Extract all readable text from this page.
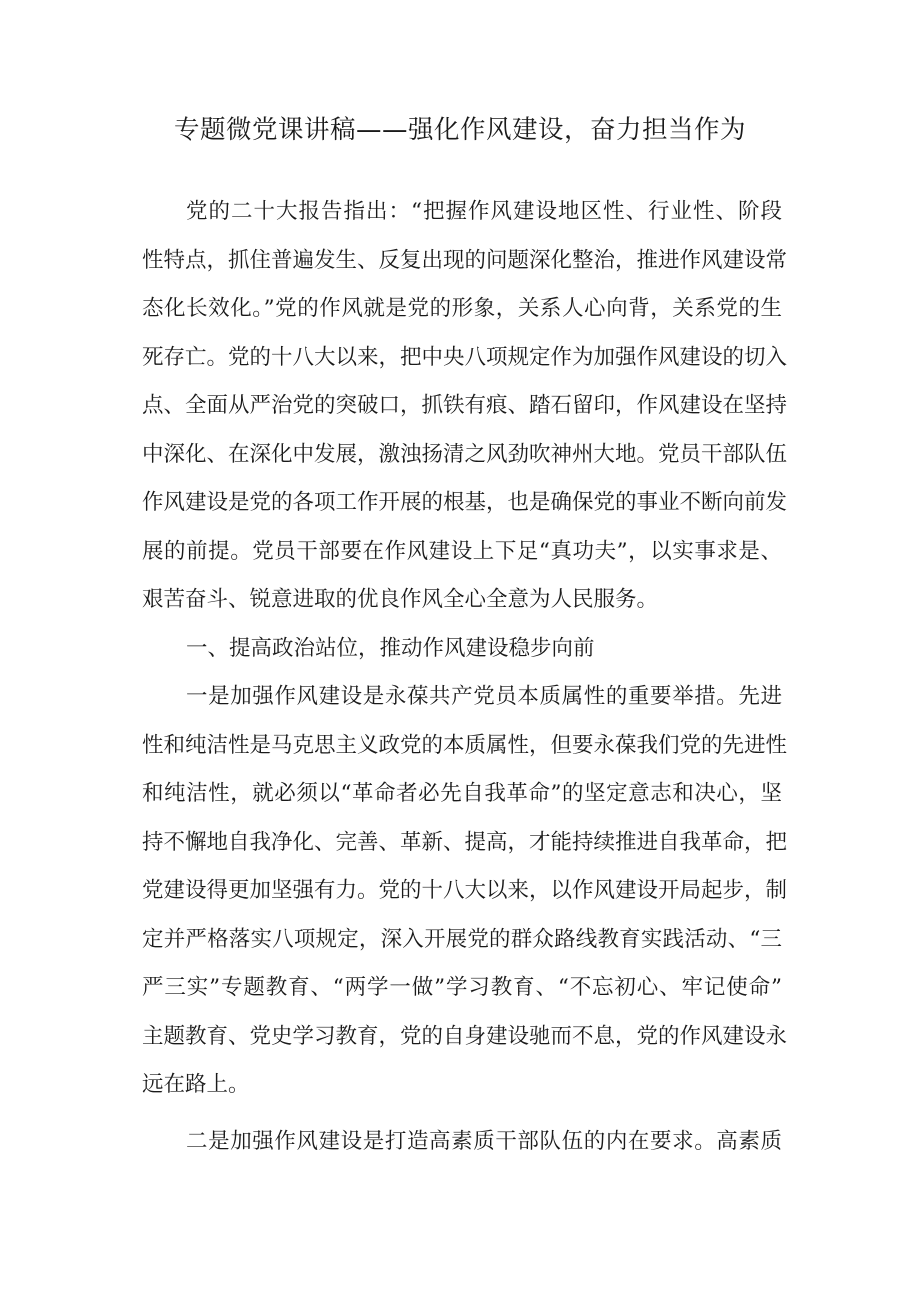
专题微党课讲稿——强化作风建设，奋力担当作为
党的二十大报告指出：“把握作风建设地区性、行业性、阶段
性特点，抓住普遍发生、反复出现的问题深化整治，推进作风建设常
态化长效化。”党的作风就是党的形象，关系人心向背，关系党的生
死存亡。党的十八大以来，把中央八项规定作为加强作风建设的切入
点、全面从严治党的突破口，抓铁有痕、踏石留印，作风建设在坚持
中深化、在深化中发展，激浊扬清之风劲吹神州大地。党员干部队伍
作风建设是党的各项工作开展的根基，也是确保党的事业不断向前发
展的前提。党员干部要在作风建设上下足“真功夫”，以实事求是、
艰苦奋斗、锐意进取的优良作风全心全意为人民服务。
一、提高政治站位，推动作风建设稳步向前
一是加强作风建设是永葆共产党员本质属性的重要举措。先进
性和纯洁性是马克思主义政党的本质属性，但要永葆我们党的先进性
和纯洁性，就必须以“革命者必先自我革命”的坚定意志和决心，坚
持不懈地自我净化、完善、革新、提高，才能持续推进自我革命，把
党建设得更加坚强有力。党的十八大以来，以作风建设开局起步，制
定并严格落实八项规定，深入开展党的群众路线教育实践活动、“三
严三实”专题教育、“两学一做”学习教育、“不忘初心、牢记使命”
主题教育、党史学习教育，党的自身建设驰而不息，党的作风建设永
远在路上。
二是加强作风建设是打造高素质干部队伍的内在要求。高素质
